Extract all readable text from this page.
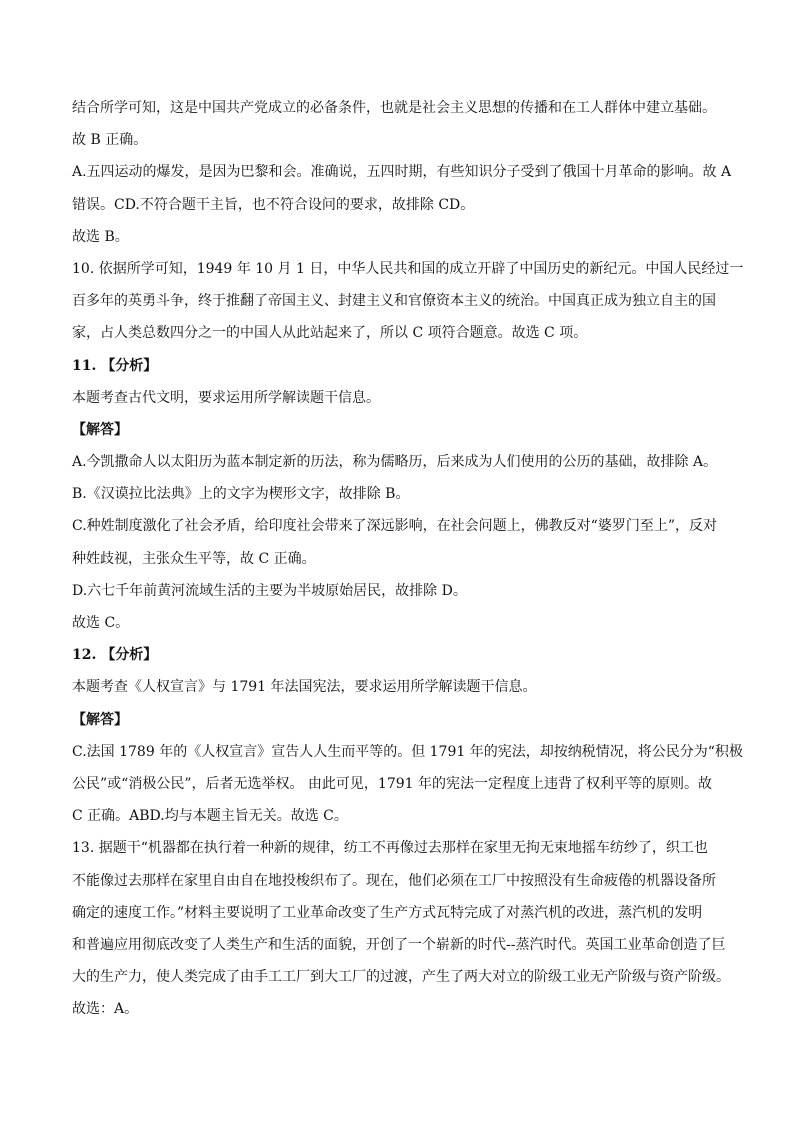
结合所学可知，这是中国共产党成立的必备条件，也就是社会主义思想的传播和在工人群体中建立基础。
故 B 正确。
A.五四运动的爆发，是因为巴黎和会。准确说，五四时期，有些知识分子受到了俄国十月革命的影响。故 A
错误。CD.不符合题干主旨，也不符合设问的要求，故排除 CD。
故选 B。
10. 依据所学可知，1949 年 10 月 1 日，中华人民共和国的成立开辟了中国历史的新纪元。中国人民经过一
百多年的英勇斗争，终于推翻了帝国主义、封建主义和官僚资本主义的统治。中国真正成为独立自主的国
家，占人类总数四分之一的中国人从此站起来了，所以 C 项符合题意。故选 C 项。
11. 【分析】
本题考查古代文明，要求运用所学解读题干信息。
【解答】
A.今凯撒命人以太阳历为蓝本制定新的历法，称为儒略历，后来成为人们使用的公历的基础，故排除 A。
B.《汉谟拉比法典》上的文字为楔形文字，故排除 B。
C.种姓制度激化了社会矛盾，给印度社会带来了深远影响，在社会问题上，佛教反对“婆罗门至上”，反对
种姓歧视，主张众生平等，故 C 正确。
D.六七千年前黄河流域生活的主要为半坡原始居民，故排除 D。
故选 C。
12. 【分析】
本题考查《人权宣言》与 1791 年法国宪法，要求运用所学解读题干信息。
【解答】
C.法国 1789 年的《人权宣言》宣告人人生而平等的。但 1791 年的宪法，却按纳税情况，将公民分为“积极
公民”或“消极公民”，后者无选举权。 由此可见，1791 年的宪法一定程度上违背了权利平等的原则。故
C 正确。ABD.均与本题主旨无关。故选 C。
13. 据题干“机器都在执行着一种新的规律，纺工不再像过去那样在家里无拘无束地摇车纺纱了，织工也
不能像过去那样在家里自由自在地投梭织布了。现在，他们必须在工厂中按照没有生命疲倦的机器设备所
确定的速度工作。”材料主要说明了工业革命改变了生产方式瓦特完成了对蒸汽机的改进，蒸汽机的发明
和普遍应用彻底改变了人类生产和生活的面貌，开创了一个崭新的时代--蒸汽时代。英国工业革命创造了巨
大的生产力，使人类完成了由手工工厂到大工厂的过渡，产生了两大对立的阶级工业无产阶级与资产阶级。
故选：A。
